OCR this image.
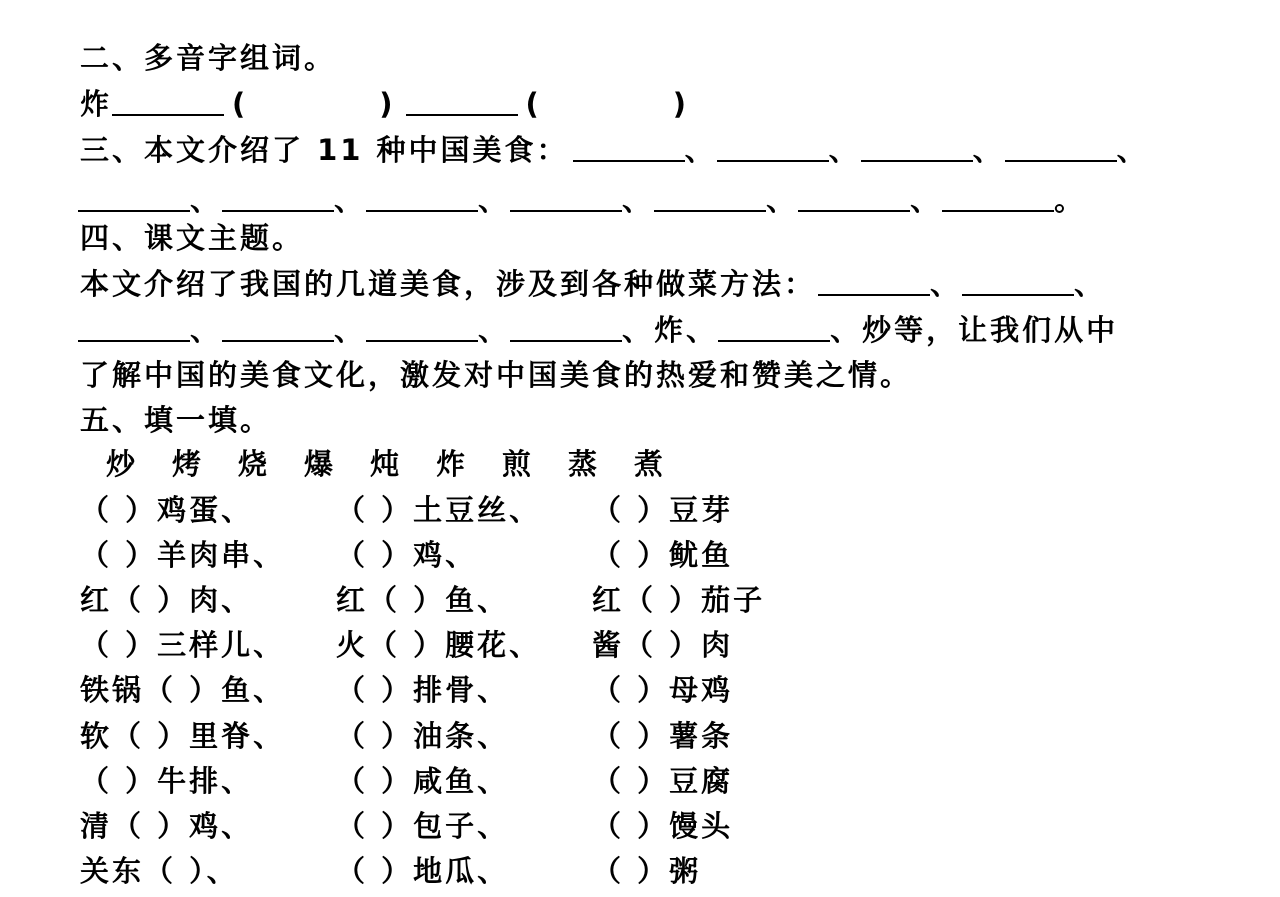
二、多音字组词。
炸	(          )	(          )
三、本文介绍了 11 种中国美食：	、	、	、	、
、	、	、	、	、	、	。
四、课文主题。
本文介绍了我国的几道美食，涉及到各种做菜方法：	、	、
、	、	、	、炸、	、炒等，让我们从中
了解中国的美食文化，激发对中国美食的热爱和赞美之情。
五、填一填。
炒 烤 烧 爆 炖 炸 煎 蒸 煮
（ ）鸡蛋、	（ ）土豆丝、 （ ）豆芽
（ ）羊肉串、 （ ）鸡、	（ ）鱿鱼
红（ ）肉、	红（ ）鱼、	红（ ）茄子
（ ）三样儿、 火（ ）腰花、 酱（ ）肉
铁锅（ ）鱼、 （ ）排骨、	（ ）母鸡
软（ ）里脊、 （ ）油条、	（ ）薯条
（ ）牛排、	（ ）咸鱼、	（ ）豆腐
清（ ）鸡、	（ ）包子、	（ ）馒头
关东（ ）、	（ ）地瓜、	（ ）粥
